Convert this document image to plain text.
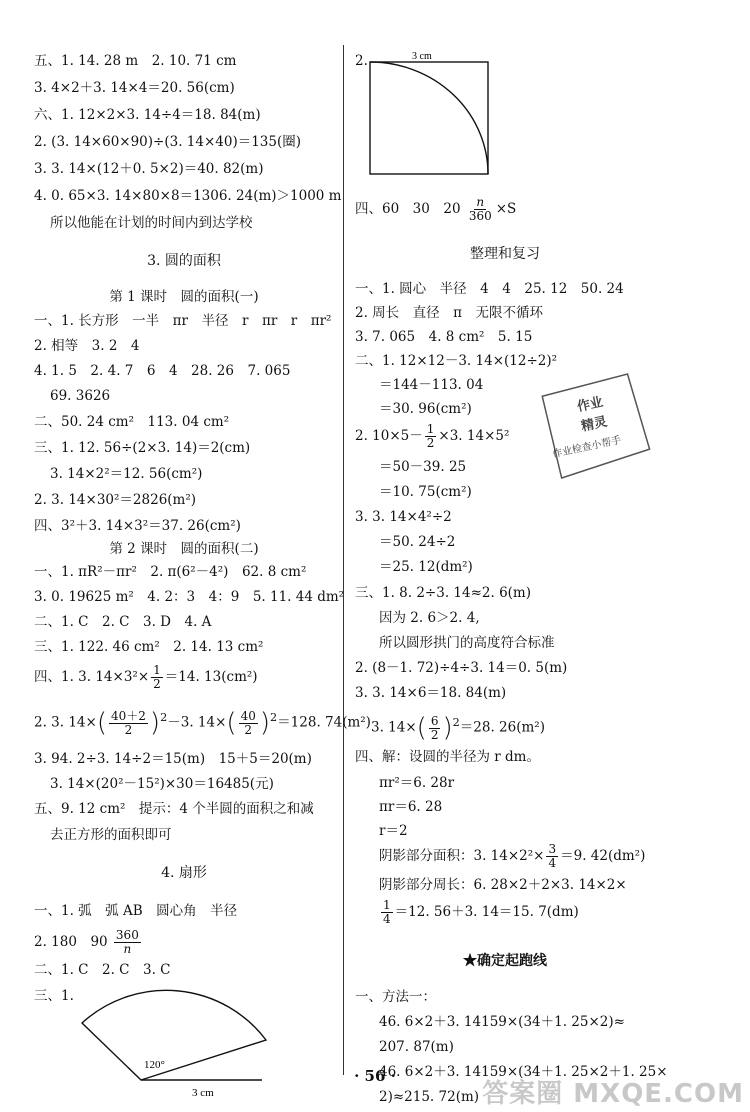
五、1. 14. 28 m　2. 10. 71 cm
3. 4×2＋3. 14×4＝20. 56(cm)
六、1. 12×2×3. 14÷4＝18. 84(m)
2. (3. 14×60×90)÷(3. 14×40)＝135(圈)
3. 3. 14×(12＋0. 5×2)＝40. 82(m)
4. 0. 65×3. 14×80×8＝1306. 24(m)＞1000 m
所以他能在计划的时间内到达学校
3. 圆的面积
第 1 课时　圆的面积(一)
一、1. 长方形　一半　πr　半径　r　πr　r　πr²
2. 相等　3. 2　4
4. 1. 5　2. 4. 7　6　4　28. 26　7. 065
69. 3626
二、50. 24 cm²　113. 04 cm²
三、1. 12. 56÷(2×3. 14)＝2(cm)
3. 14×2²＝12. 56(cm²)
2. 3. 14×30²＝2826(m²)
四、3²＋3. 14×3²＝37. 26(cm²)
第 2 课时　圆的面积(二)
一、1. πR²－πr²　2. π(6²－4²)　62. 8 cm²
3. 0. 19625 m²　4. 2：3　4：9　5. 11. 44 dm²
二、1. C　2. C　3. D　4. A
三、1. 122. 46 cm²　2. 14. 13 cm²
四、1. 3. $14\times 3^2\times \frac{1}{2} =14$. 13(cm²)
2. 3. $14\times( \frac{40+2}{2} )^2-3$. $14\times( \frac{40}{2} )^2=128$. 74(m²)
3. 94. 2÷3. 14÷2＝15(m)　15＋5＝20(m)
3. 14×(20²－15²)×30＝16485(元)
五、9. 12 cm²　提示：4 个半圆的面积之和减
去正方形的面积即可
4. 扇形
一、1. 弧　弧 AB　圆心角　半径
2. 180　$90 \frac{360}{n}$
二、1. C　2. C　3. C
三、1.
120°
3 cm
2.	3 cm
四、60　30　$20 \frac{n}{360} \times S$
整理和复习
一、1. 圆心　半径　4　4　25. 12　50. 24
2. 周长　直径　π　无限不循环
3. 7. 065　4. 8 cm²　5. 15
二、1. 12×12－3. 14×(12÷2)²
＝144－113. 04
＝30. 96(cm²)
2. $10\times 5- \frac{1}{2} \times 3$. 14×5²
＝50－39. 25
＝10. 75(cm²)
3. 3. 14×4²÷2
＝50. 24÷2
＝25. 12(dm²)
三、1. 8. 2÷3. 14≈2. 6(m)
因为 2. 6＞2. 4,
所以圆形拱门的高度符合标准
2. (8－1. 72)÷4÷3. 14＝0. 5(m)
3. 3. 14×6＝18. 84(m)
3. $14\times( \frac{6}{2} )^2=28$. 26(m²)
四、解：设圆的半径为 r dm。
πr²＝6. 28r
πr＝6. 28
r＝2
阴影部分面积：3. $14\times 2^2\times \frac{3}{4} =9$. 42(dm²)
阴影部分周长：6. 28×2＋2×3. 14×2×
$\frac{1}{4} =12$. 56＋3. 14＝15. 7(dm)
★确定起跑线
一、方法一：
46. 6×2＋3. 14159×(34＋1. 25×2)≈
207. 87(m)
46. 6×2＋3. 14159×(34＋1. 25×2＋1. 25×
2)≈215. 72(m)
作业
精灵
作业检查小帮手
· 56 ·
答案圈 MXQE.COM
